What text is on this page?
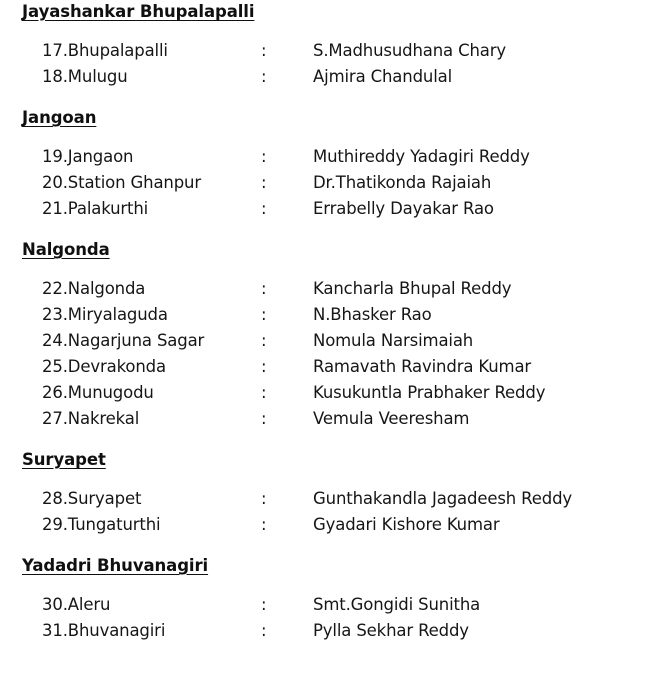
Jayashankar Bhupalapalli
17.Bhupalapalli	:	S.Madhusudhana Chary
18.Mulugu	:	Ajmira Chandulal
Jangoan
19.Jangaon	:	Muthireddy Yadagiri Reddy
20.Station Ghanpur	:	Dr.Thatikonda Rajaiah
21.Palakurthi	:	Errabelly Dayakar Rao
Nalgonda
22.Nalgonda	:	Kancharla Bhupal Reddy
23.Miryalaguda	:	N.Bhasker Rao
24.Nagarjuna Sagar	:	Nomula Narsimaiah
25.Devrakonda	:	Ramavath Ravindra Kumar
26.Munugodu	:	Kusukuntla Prabhaker Reddy
27.Nakrekal	:	Vemula Veeresham
Suryapet
28.Suryapet	:	Gunthakandla Jagadeesh Reddy
29.Tungaturthi	:	Gyadari Kishore Kumar
Yadadri Bhuvanagiri
30.Aleru	:	Smt.Gongidi Sunitha
31.Bhuvanagiri	:	Pylla Sekhar Reddy
